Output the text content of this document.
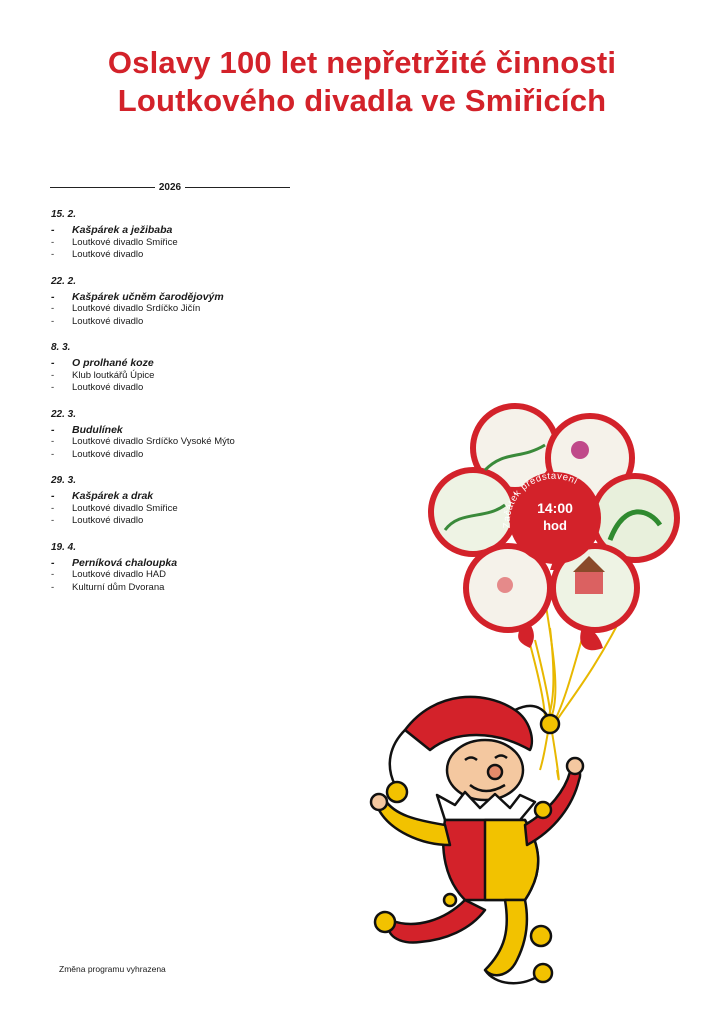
Oslavy 100 let nepřetržité činnosti
Loutkového divadla ve Smiřicích
2026
15. 2.
-	Kašpárek a ježibaba
-	Loutkové divadlo Smiřice
-	Loutkové divadlo
22. 2.
-	Kašpárek učněm čarodějovým
-	Loutkové divadlo Srdíčko Jičín
-	Loutkové divadlo
8. 3.
-	O prolhané koze
-	Klub loutkářů Úpice
-	Loutkové divadlo
22. 3.
-	Budulínek
-	Loutkové divadlo Srdíčko Vysoké Mýto
-	Loutkové divadlo
29. 3.
-	Kašpárek a drak
-	Loutkové divadlo Smiřice
-	Loutkové divadlo
19. 4.
-	Perníková chaloupka
-	Loutkové divadlo HAD
-	Kulturní dům Dvorana
Začátek představení
14:00
hod
Změna programu vyhrazena
